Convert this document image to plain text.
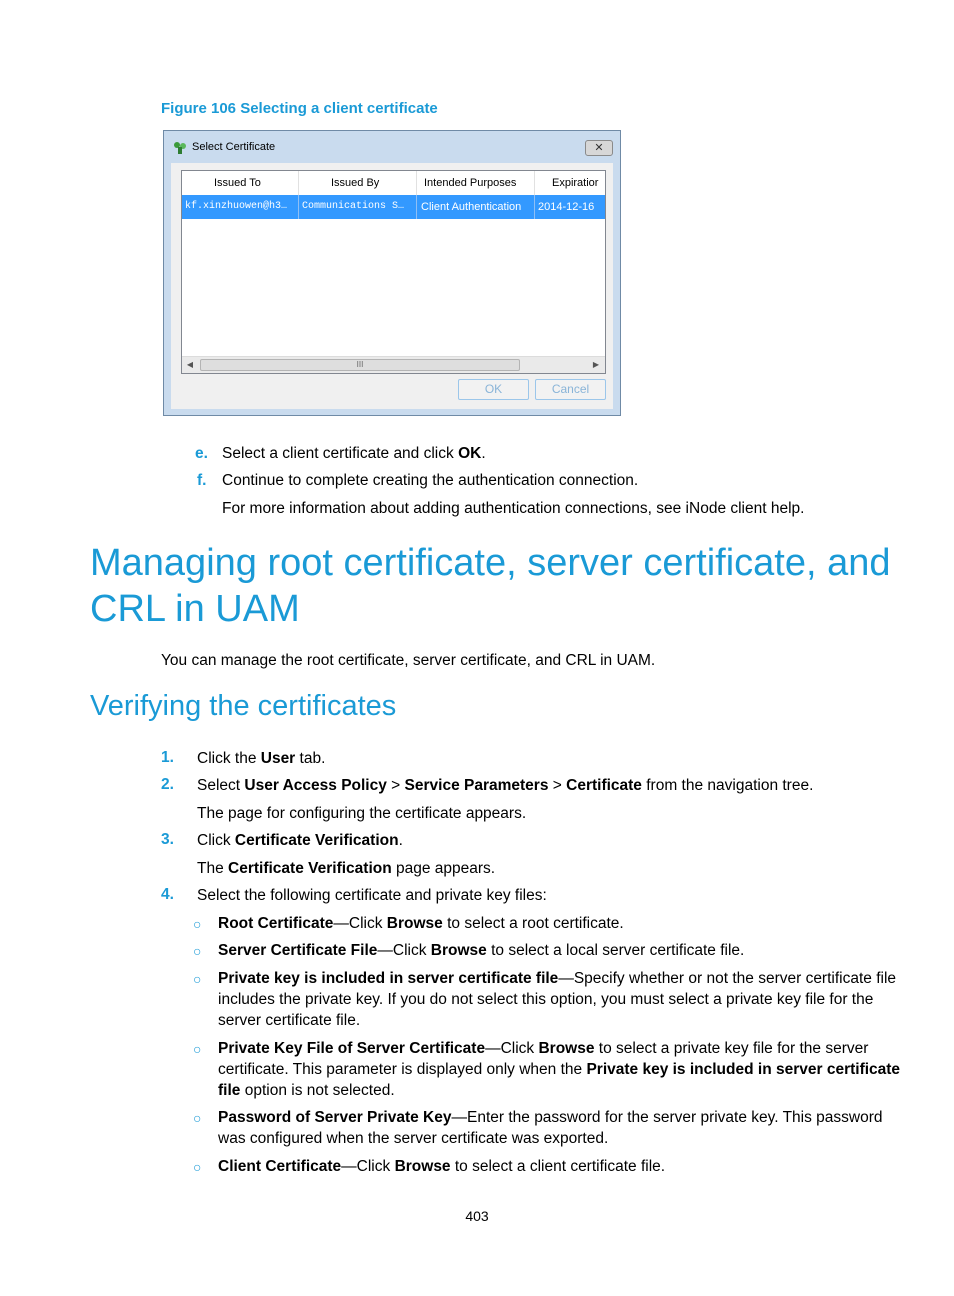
Figure 106 Selecting a client certificate
Select Certificate	✕
Issued To	Issued By	Intended Purposes	Expiratior
kf.xinzhuowen@h3…	Communications S…	Client Authentication	2014-12-16
◀	III	▶
OK	Cancel
e. Select a client certificate and click OK.
f. Continue to complete creating the authentication connection.
For more information about adding authentication connections, see iNode client help.
Managing root certificate, server certificate, and
CRL in UAM
You can manage the root certificate, server certificate, and CRL in UAM.
Verifying the certificates
1. Click the User tab.
2. Select User Access Policy > Service Parameters > Certificate from the navigation tree.
The page for configuring the certificate appears.
3. Click Certificate Verification.
The Certificate Verification page appears.
4. Select the following certificate and private key files:
○ Root Certificate—Click Browse to select a root certificate.
○ Server Certificate File—Click Browse to select a local server certificate file.
○ Private key is included in server certificate file—Specify whether or not the server certificate file
includes the private key. If you do not select this option, you must select a private key file for the
server certificate file.
○ Private Key File of Server Certificate—Click Browse to select a private key file for the server
certificate. This parameter is displayed only when the Private key is included in server certificate
file option is not selected.
○ Password of Server Private Key—Enter the password for the server private key. This password
was configured when the server certificate was exported.
○ Client Certificate—Click Browse to select a client certificate file.
403
